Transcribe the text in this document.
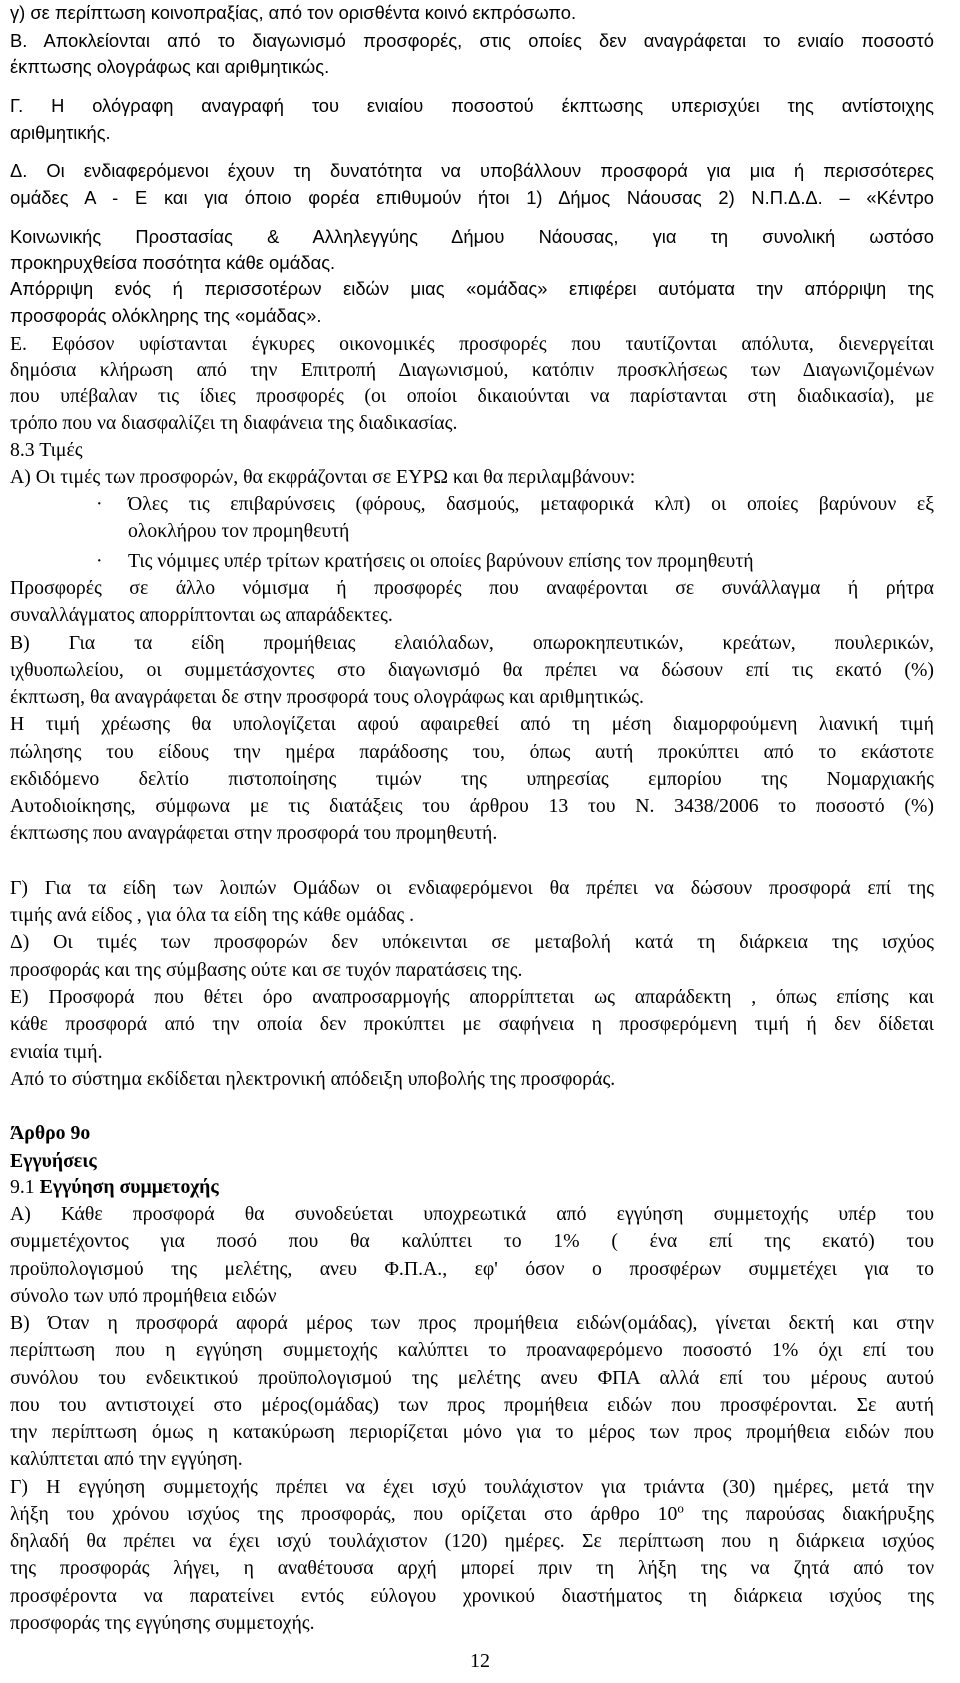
γ) σε περίπτωση κοινοπραξίας, από τον ορισθέντα κοινό εκπρόσωπο.
Β. Αποκλείονται από το διαγωνισμό προσφορές, στις οποίες δεν αναγράφεται το ενιαίο ποσοστό
έκπτωσης ολογράφως και αριθμητικώς.
Γ. Η ολόγραφη αναγραφή του ενιαίου ποσοστού έκπτωσης υπερισχύει της αντίστοιχης
αριθμητικής.
Δ. Οι ενδιαφερόμενοι έχουν τη δυνατότητα να υποβάλλουν προσφορά για μια ή περισσότερες
ομάδες Α - Ε και για όποιο φορέα επιθυμούν ήτοι 1) Δήμος Νάουσας 2) Ν.Π.Δ.Δ. – «Κέντρο
Κοινωνικής Προστασίας & Αλληλεγγύης Δήμου Νάουσας, για τη συνολική ωστόσο
προκηρυχθείσα ποσότητα κάθε ομάδας.
Απόρριψη ενός ή περισσοτέρων ειδών μιας «ομάδας» επιφέρει αυτόματα την απόρριψη της
προσφοράς ολόκληρης της «ομάδας».
Ε. Εφόσον υφίστανται έγκυρες οικονομικές προσφορές που ταυτίζονται απόλυτα, διενεργείται
δημόσια κλήρωση από την Επιτροπή Διαγωνισμού, κατόπιν προσκλήσεως των Διαγωνιζομένων
που υπέβαλαν τις ίδιες προσφορές (οι οποίοι δικαιούνται να παρίστανται στη διαδικασία), με
τρόπο που να διασφαλίζει τη διαφάνεια της διαδικασίας.
8.3 Τιμές
Α) Οι τιμές των προσφορών, θα εκφράζονται σε ΕΥΡΩ και θα περιλαμβάνουν:
· Όλες τις επιβαρύνσεις (φόρους, δασμούς, μεταφορικά κλπ) οι οποίες βαρύνουν εξ
ολοκλήρου τον προμηθευτή
· Τις νόμιμες υπέρ τρίτων κρατήσεις οι οποίες βαρύνουν επίσης τον προμηθευτή
Προσφορές σε άλλο νόμισμα ή προσφορές που αναφέρονται σε συνάλλαγμα ή ρήτρα
συναλλάγματος απορρίπτονται ως απαράδεκτες.
Β) Για τα είδη προμήθειας ελαιόλαδων, οπωροκηπευτικών, κρεάτων, πουλερικών,
ιχθυοπωλείου, οι συμμετάσχοντες στο διαγωνισμό θα πρέπει να δώσουν επί τις εκατό (%)
έκπτωση, θα αναγράφεται δε στην προσφορά τους ολογράφως και αριθμητικώς.
Η τιμή χρέωσης θα υπολογίζεται αφού αφαιρεθεί από τη μέση διαμορφούμενη λιανική τιμή
πώλησης του είδους την ημέρα παράδοσης του, όπως αυτή προκύπτει από το εκάστοτε
εκδιδόμενο δελτίο πιστοποίησης τιμών της υπηρεσίας εμπορίου της Νομαρχιακής
Αυτοδιοίκησης, σύμφωνα με τις διατάξεις του άρθρου 13 του Ν. 3438/2006 το ποσοστό (%)
έκπτωσης που αναγράφεται στην προσφορά του προμηθευτή.
Γ) Για τα είδη των λοιπών Ομάδων οι ενδιαφερόμενοι θα πρέπει να δώσουν προσφορά επί της
τιμής ανά είδος , για όλα τα είδη της κάθε ομάδας .
Δ) Οι τιμές των προσφορών δεν υπόκεινται σε μεταβολή κατά τη διάρκεια της ισχύος
προσφοράς και της σύμβασης ούτε και σε τυχόν παρατάσεις της.
Ε) Προσφορά που θέτει όρο αναπροσαρμογής απορρίπτεται ως απαράδεκτη , όπως επίσης και
κάθε προσφορά από την οποία δεν προκύπτει με σαφήνεια η προσφερόμενη τιμή ή δεν δίδεται
ενιαία τιμή.
Από το σύστημα εκδίδεται ηλεκτρονική απόδειξη υποβολής της προσφοράς.
Άρθρο 9ο
Εγγυήσεις
9.1 Εγγύηση συμμετοχής
Α) Κάθε προσφορά θα συνοδεύεται υποχρεωτικά από εγγύηση συμμετοχής υπέρ του
συμμετέχοντος για ποσό που θα καλύπτει το 1% ( ένα επί της εκατό) του
προϋπολογισμού της μελέτης, ανευ Φ.Π.Α., εφ' όσον ο προσφέρων συμμετέχει για το
σύνολο των υπό προμήθεια ειδών
Β) Όταν η προσφορά αφορά μέρος των προς προμήθεια ειδών(ομάδας), γίνεται δεκτή και στην
περίπτωση που η εγγύηση συμμετοχής καλύπτει το προαναφερόμενο ποσοστό 1% όχι επί του
συνόλου του ενδεικτικού προϋπολογισμού της μελέτης ανευ ΦΠΑ αλλά επί του μέρους αυτού
που του αντιστοιχεί στο μέρος(ομάδας) των προς προμήθεια ειδών που προσφέρονται. Σε αυτή
την περίπτωση όμως η κατακύρωση περιορίζεται μόνο για το μέρος των προς προμήθεια ειδών που
καλύπτεται από την εγγύηση.
Γ) Η εγγύηση συμμετοχής πρέπει να έχει ισχύ τουλάχιστον για τριάντα (30) ημέρες, μετά την
λήξη του χρόνου ισχύος της προσφοράς, που ορίζεται στο άρθρο $10^o$ της παρούσας διακήρυξης
δηλαδή θα πρέπει να έχει ισχύ τουλάχιστον (120) ημέρες. Σε περίπτωση που η διάρκεια ισχύος
της προσφοράς λήγει, η αναθέτουσα αρχή μπορεί πριν τη λήξη της να ζητά από τον
προσφέροντα να παρατείνει εντός εύλογου χρονικού διαστήματος τη διάρκεια ισχύος της
προσφοράς της εγγύησης συμμετοχής.
12
